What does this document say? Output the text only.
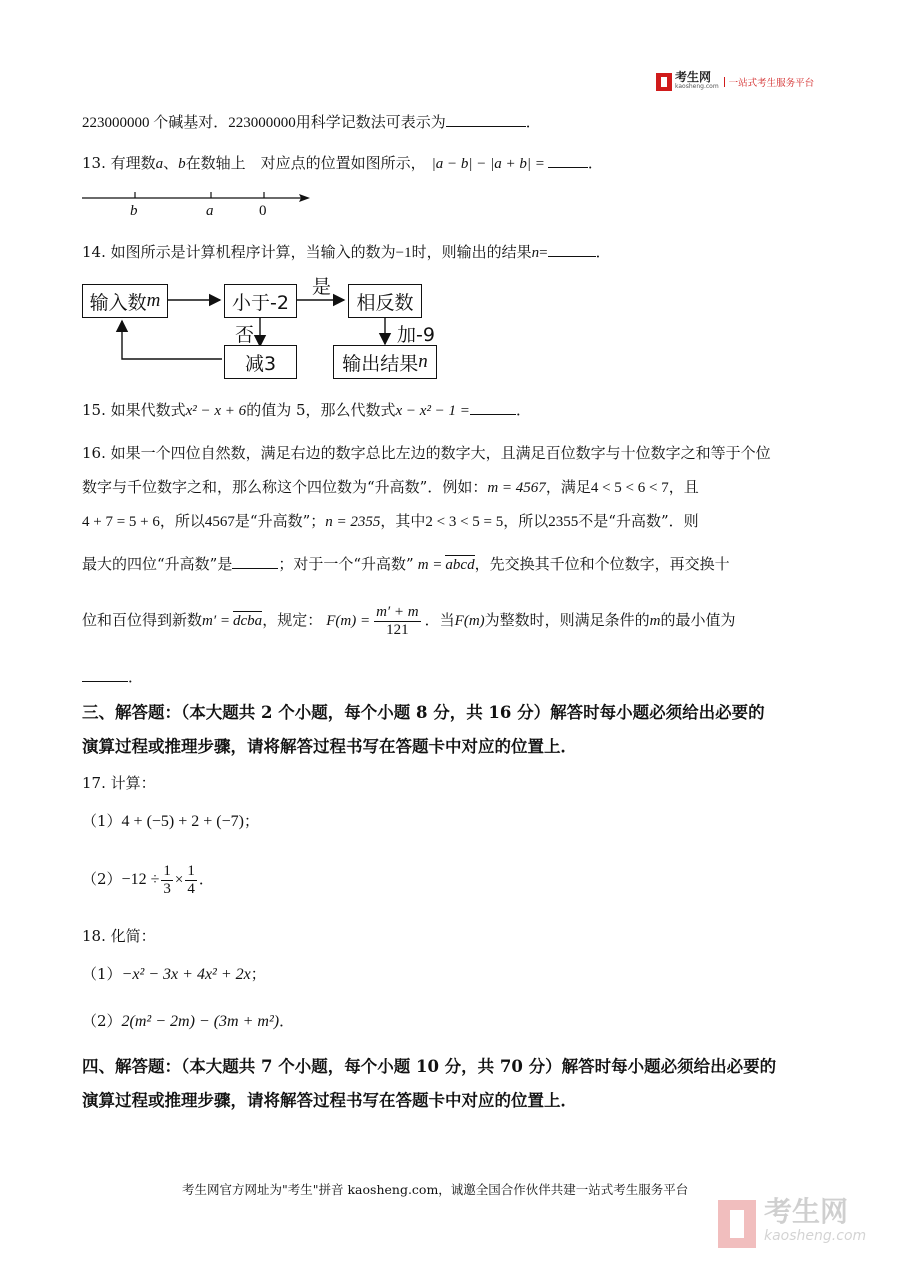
考生网
kaosheng.com 一站式考生服务平台
223000000 个碱基对．223000000用科学记数法可表示为	．
13. 有理数a、b在数轴上　对应点的位置如图所示， |a − b| − |a + b| =	．
b	a	0
14. 如图所示是计算机程序计算，当输入的数为−1时，则输出的结果n=	．
输入数 m	小于-2	相反数
减3	输出结果 n
是
否	加-9
15. 如果代数式x² − x + 6的值为 5，那么代数式x − x² − 1 =	．
16. 如果一个四位自然数，满足右边的数字总比左边的数字大，且满足百位数字与十位数字之和等于个位
数字与千位数字之和，那么称这个四位数为“升高数”．例如：m = 4567，满足4 < 5 < 6 < 7，且
4 + 7 = 5 + 6，所以4567是“升高数”；n = 2355，其中2 < 3 < 5 = 5，所以2355不是“升高数”．则
最大的四位“升高数”是	；对于一个“升高数” m = abcd，先交换其千位和个位数字，再交换十
位和百位得到新数m′ = dcba，规定： $F(m) = \frac{m' + m}{121}$ ．当F(m)为整数时，则满足条件的m的最小值为
．
三、解答题：（本大题共 2 个小题，每个小题 8 分，共 16 分）解答时每小题必须给出必要的
演算过程或推理步骤，请将解答过程书写在答题卡中对应的位置上．
17. 计算：
（1）4 + (−5) + 2 + (−7)；
$(2)-12 \div \frac{1}{3} \times \frac{1}{4}$ ．
18. 化简：
（1）−x² − 3x + 4x² + 2x；
（2）2(m² − 2m) − (3m + m²)．
四、解答题：（本大题共 7 个小题，每个小题 10 分，共 70 分）解答时每小题必须给出必要的
演算过程或推理步骤，请将解答过程书写在答题卡中对应的位置上．
考生网官方网址为"考生"拼音 kaosheng.com，诚邀全国合作伙伴共建一站式考生服务平台
考生网
kaosheng.com
